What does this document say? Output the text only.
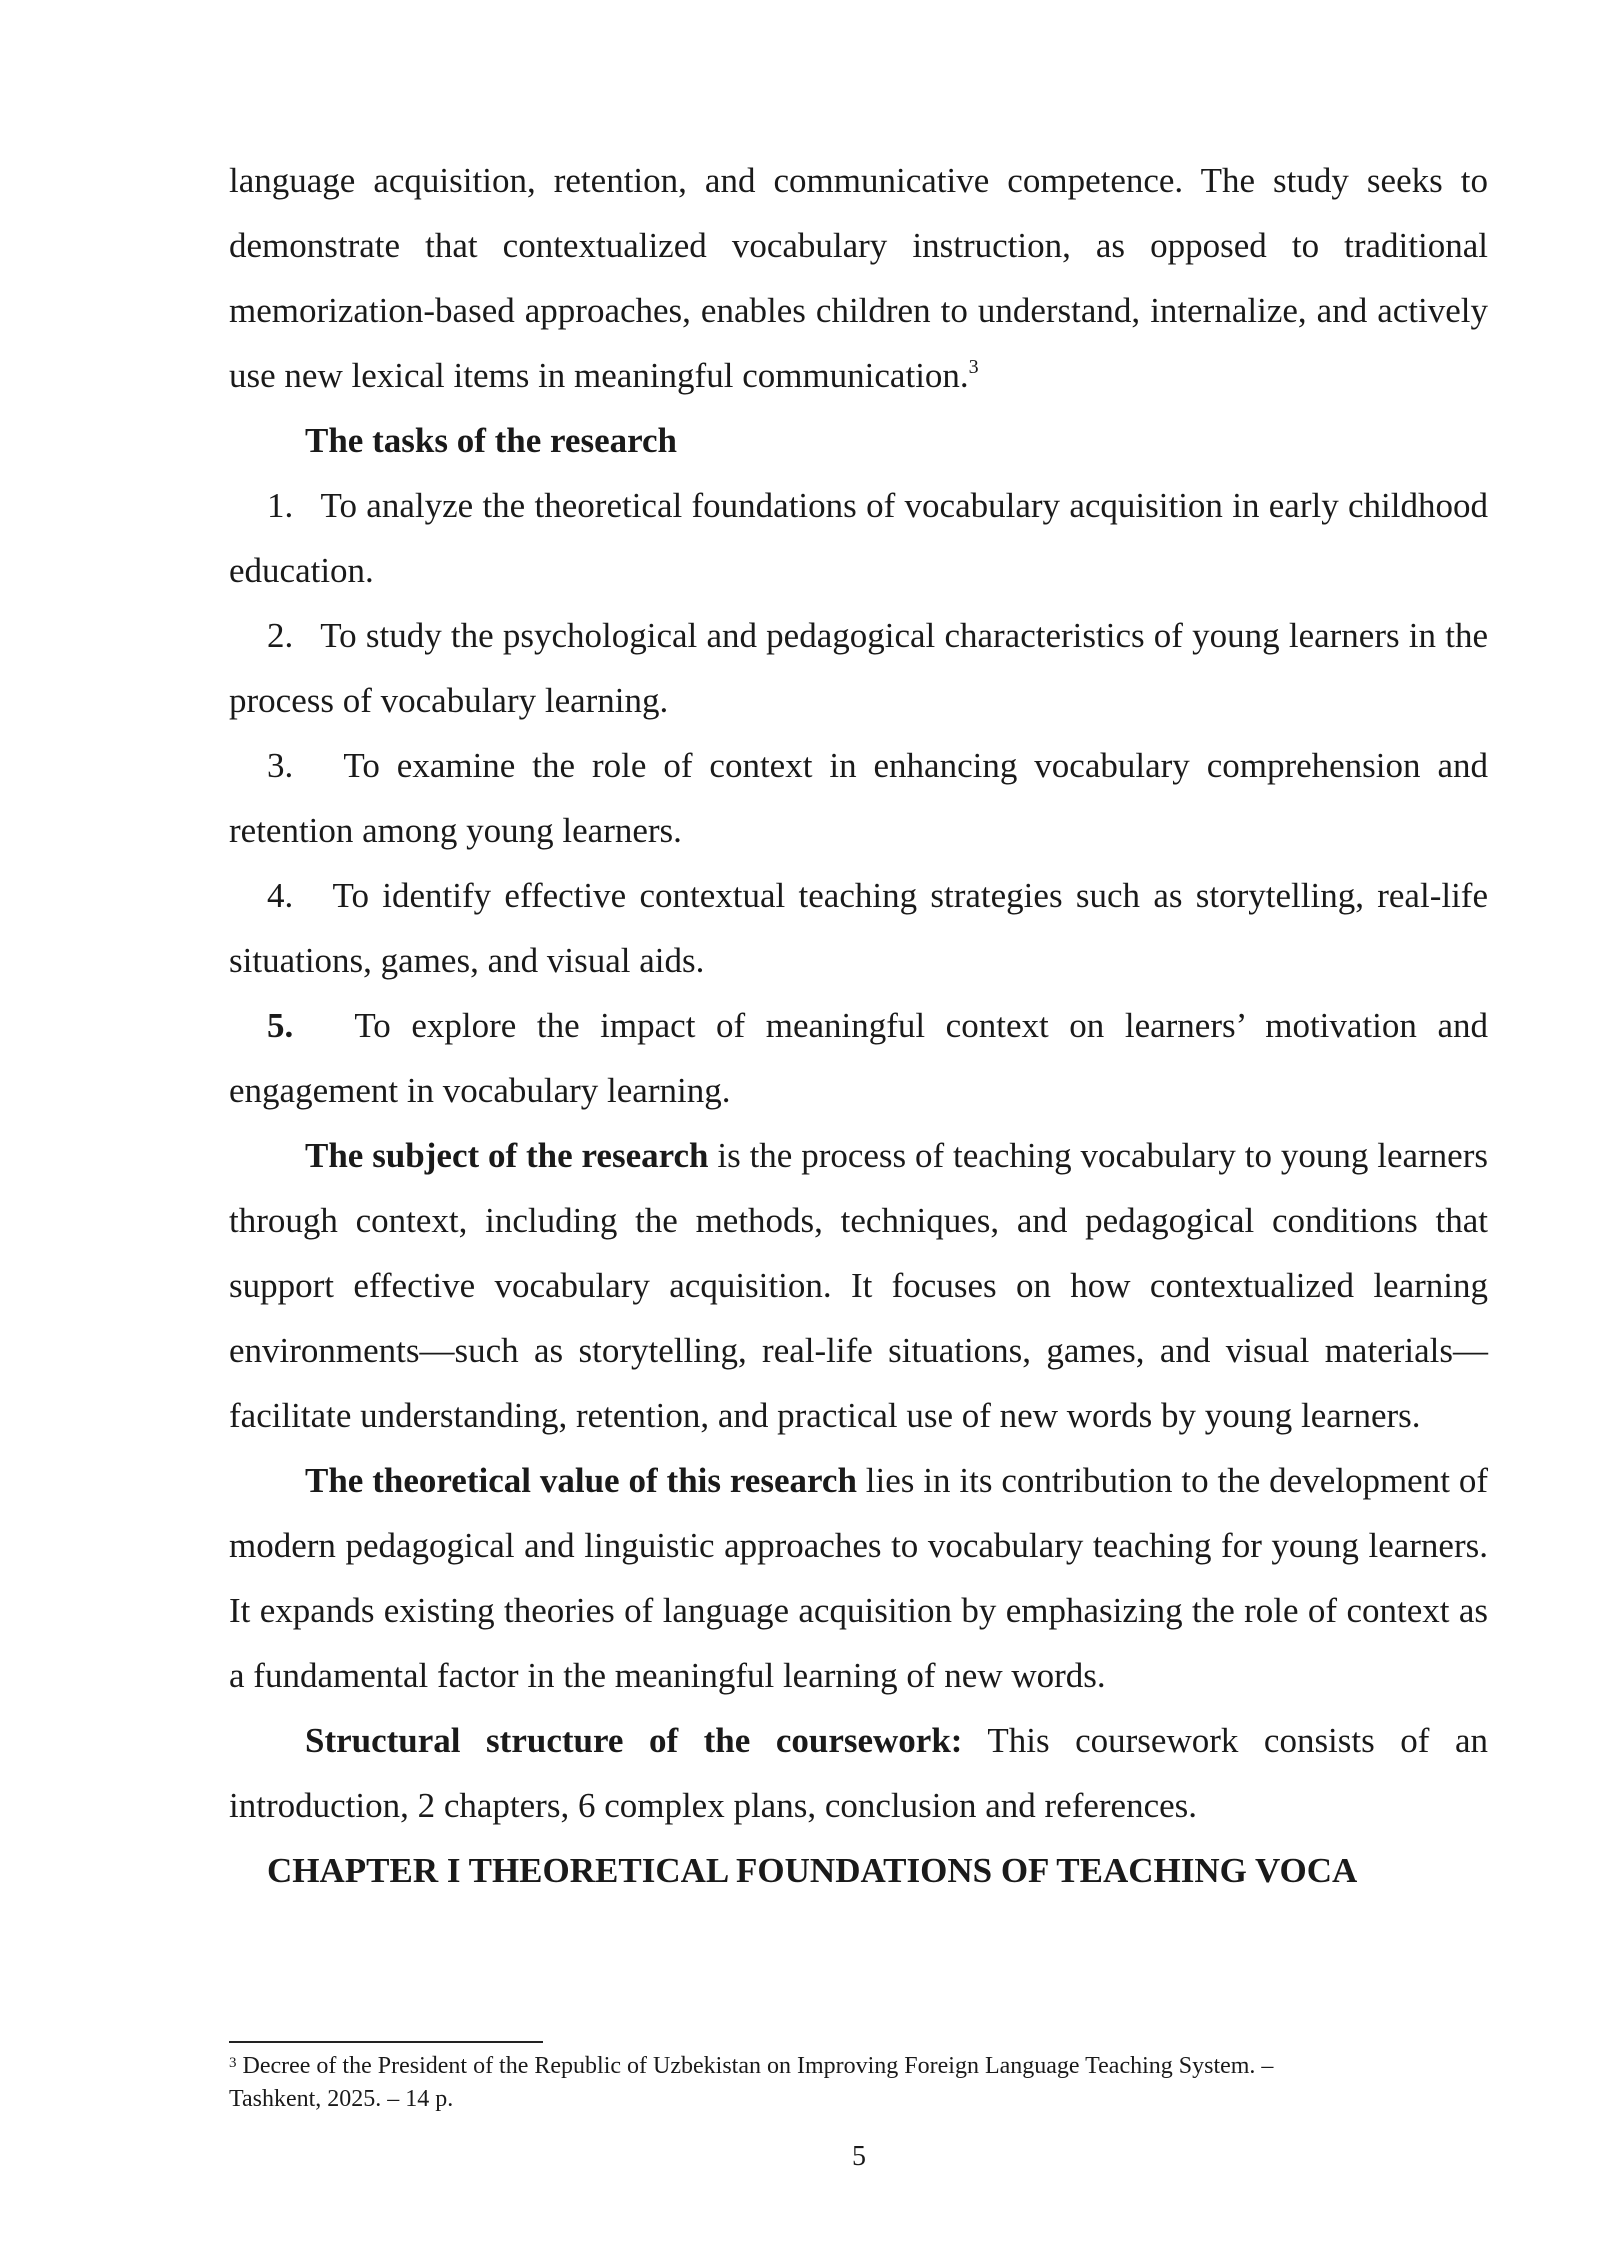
language acquisition, retention, and communicative competence. The study seeks to demonstrate that contextualized vocabulary instruction, as opposed to traditional memorization-based approaches, enables children to understand, internalize, and actively use new lexical items in meaningful communication.$^3$

The tasks of the research

1. To analyze the theoretical foundations of vocabulary acquisition in early childhood education.

2. To study the psychological and pedagogical characteristics of young learners in the process of vocabulary learning.

3. To examine the role of context in enhancing vocabulary comprehension and retention among young learners.

4. To identify effective contextual teaching strategies such as storytelling, real-life situations, games, and visual aids.

5. To explore the impact of meaningful context on learners’ motivation and engagement in vocabulary learning.

The subject of the research is the process of teaching vocabulary to young learners through context, including the methods, techniques, and pedagogical conditions that support effective vocabulary acquisition. It focuses on how contextualized learning environments—such as storytelling, real-life situations, games, and visual materials—facilitate understanding, retention, and practical use of new words by young learners.

The theoretical value of this research lies in its contribution to the development of modern pedagogical and linguistic approaches to vocabulary teaching for young learners. It expands existing theories of language acquisition by emphasizing the role of context as a fundamental factor in the meaningful learning of new words.

Structural structure of the coursework: This coursework consists of an introduction, 2 chapters, 6 complex plans, conclusion and references.

CHAPTER I THEORETICAL FOUNDATIONS OF TEACHING VOCA

$^3$ Decree of the President of the Republic of Uzbekistan on Improving Foreign Language Teaching System. –
Tashkent, 2025. – 14 p.
5
